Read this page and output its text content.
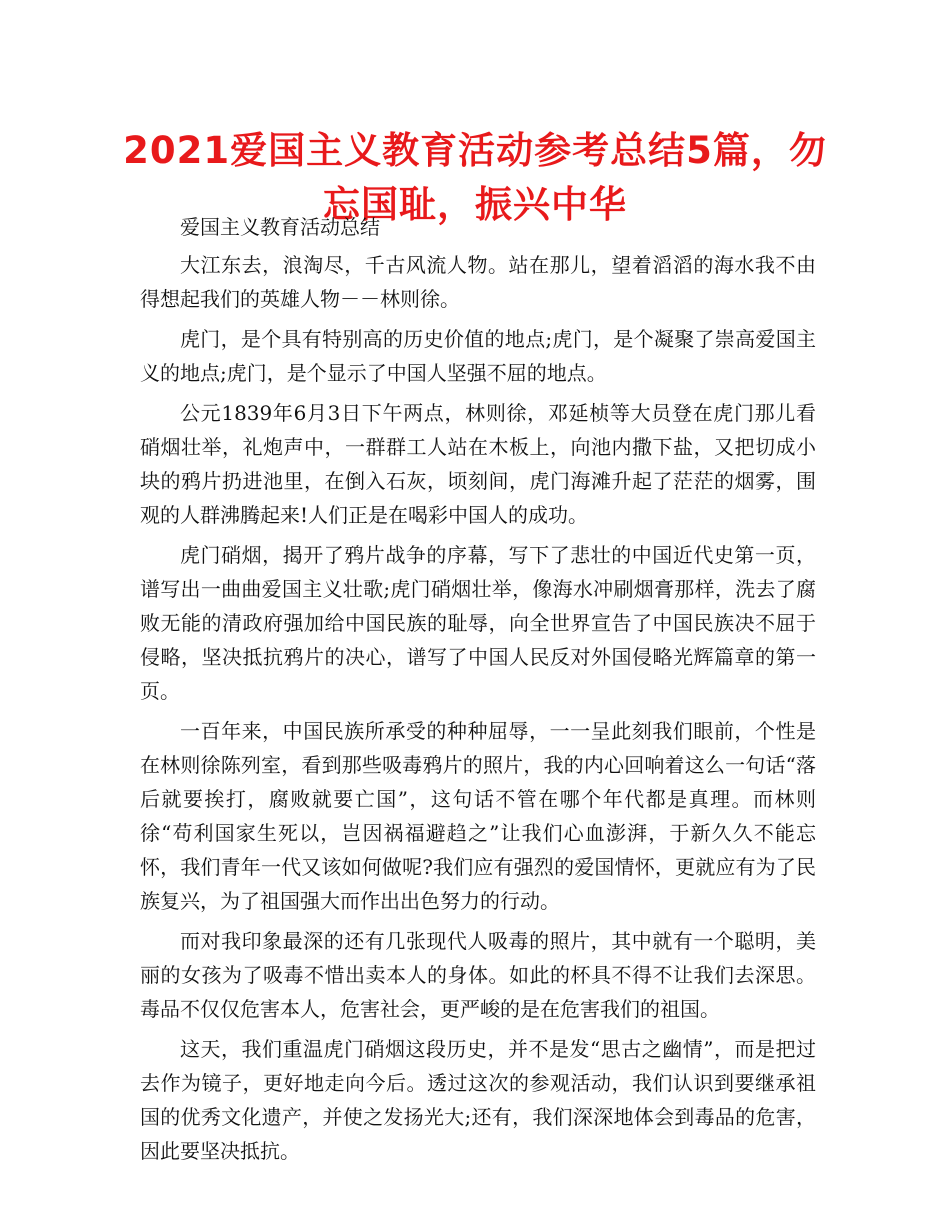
2021爱国主义教育活动参考总结5篇，勿忘国耻，振兴中华

爱国主义教育活动总结

大江东去，浪淘尽，千古风流人物。站在那儿，望着滔滔的海水我不由得想起我们的英雄人物－－林则徐。

虎门，是个具有特别高的历史价值的地点;虎门，是个凝聚了崇高爱国主义的地点;虎门，是个显示了中国人坚强不屈的地点。

公元1839年6月3日下午两点，林则徐，邓延桢等大员登在虎门那儿看硝烟壮举，礼炮声中，一群群工人站在木板上，向池内撒下盐，又把切成小块的鸦片扔进池里，在倒入石灰，顷刻间，虎门海滩升起了茫茫的烟雾，围观的人群沸腾起来!人们正是在喝彩中国人的成功。

虎门硝烟，揭开了鸦片战争的序幕，写下了悲壮的中国近代史第一页，谱写出一曲曲爱国主义壮歌;虎门硝烟壮举，像海水冲刷烟膏那样，洗去了腐败无能的清政府强加给中国民族的耻辱，向全世界宣告了中国民族决不屈于侵略，坚决抵抗鸦片的决心，谱写了中国人民反对外国侵略光辉篇章的第一页。

一百年来，中国民族所承受的种种屈辱，一一呈此刻我们眼前，个性是在林则徐陈列室，看到那些吸毒鸦片的照片，我的内心回响着这么一句话“落后就要挨打，腐败就要亡国”，这句话不管在哪个年代都是真理。而林则徐“苟利国家生死以，岂因祸福避趋之”让我们心血澎湃，于新久久不能忘怀，我们青年一代又该如何做呢?我们应有强烈的爱国情怀，更就应有为了民族复兴，为了祖国强大而作出出色努力的行动。

而对我印象最深的还有几张现代人吸毒的照片，其中就有一个聪明，美丽的女孩为了吸毒不惜出卖本人的身体。如此的杯具不得不让我们去深思。毒品不仅仅危害本人，危害社会，更严峻的是在危害我们的祖国。

这天，我们重温虎门硝烟这段历史，并不是发“思古之幽情”，而是把过去作为镜子，更好地走向今后。透过这次的参观活动，我们认识到要继承祖国的优秀文化遗产，并使之发扬光大;还有，我们深深地体会到毒品的危害，因此要坚决抵抗。
